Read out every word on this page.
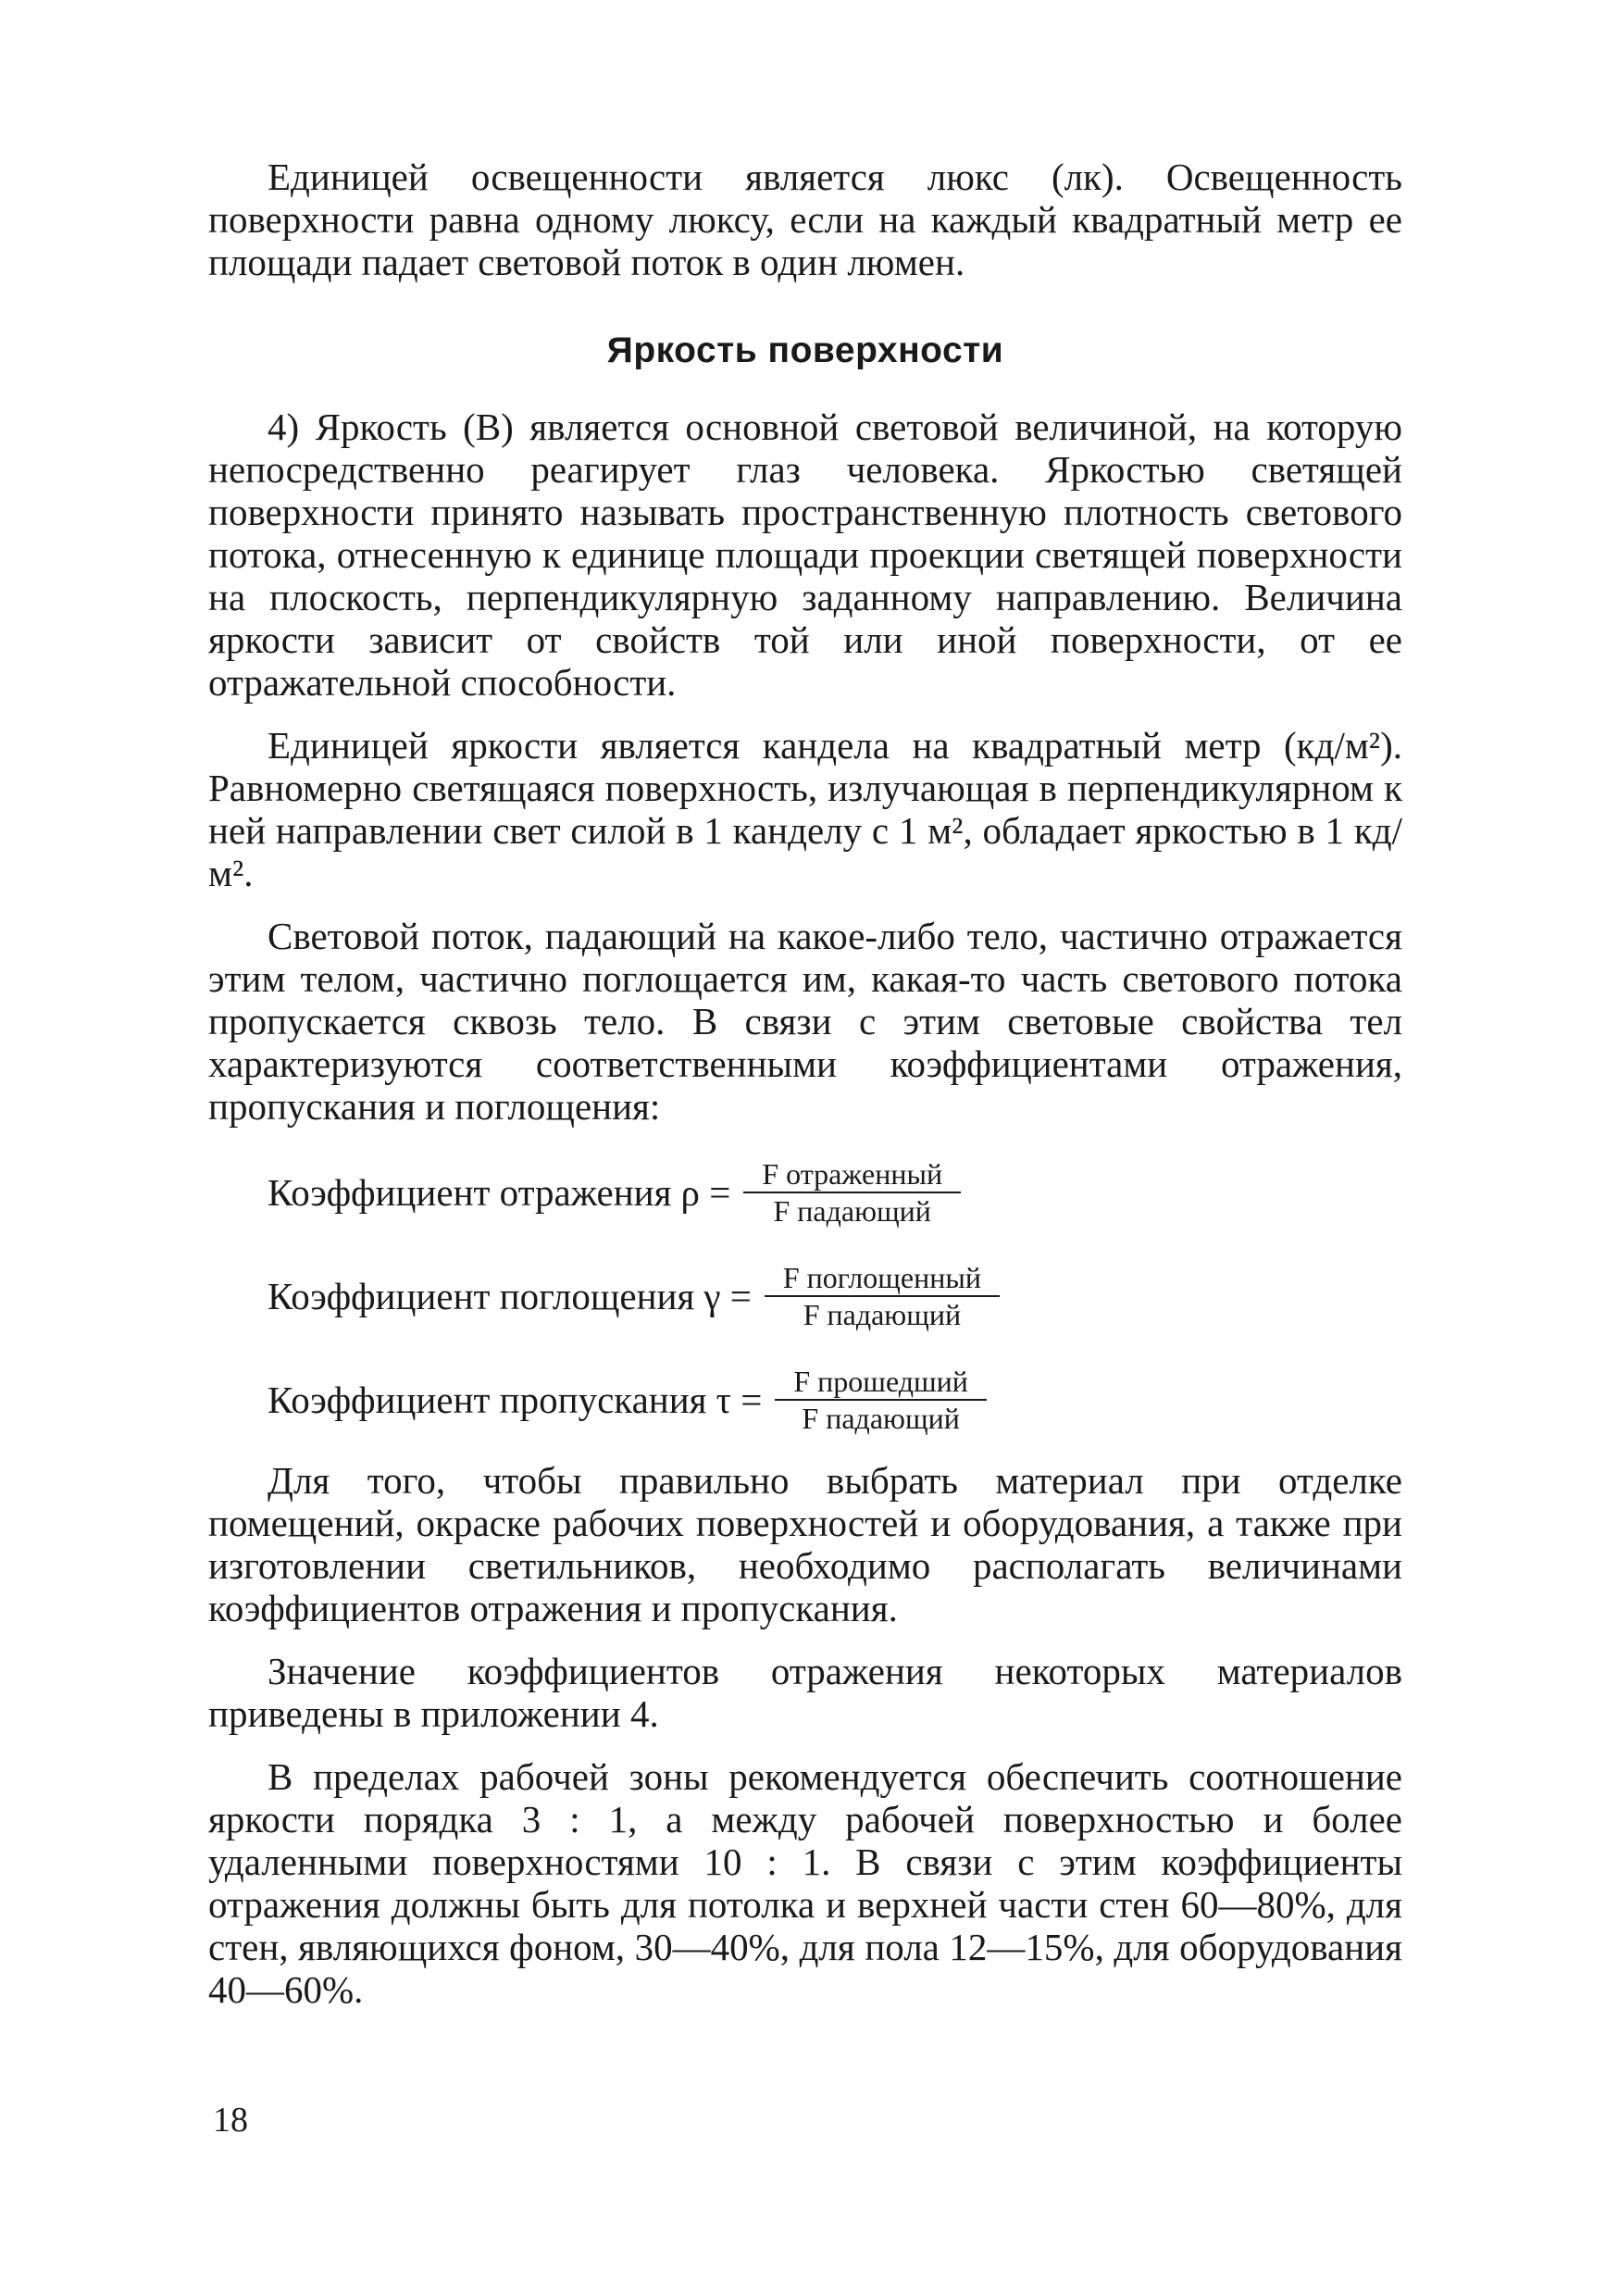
Единицей освещенности является люкс (лк). Освещенность поверхности равна одному люксу, если на каждый квадратный метр ее площади падает световой поток в один люмен.

Яркость поверхности

4) Яркость (В) является основной световой величиной, на которую непосредственно реагирует глаз человека. Яркостью светящей поверхности принято называть пространственную плотность светового потока, отнесенную к единице площади проекции светящей поверхности на плоскость, перпендикулярную заданному направлению. Величина яркости зависит от свойств той или иной поверхности, от ее отражательной способности.

Единицей яркости является кандела на квадратный метр (кд/м²). Равномерно светящаяся поверхность, излучающая в перпендикулярном к ней направлении свет силой в 1 канделу с 1 м², обладает яркостью в 1 кд/м².

Световой поток, падающий на какое-либо тело, частично отражается этим телом, частично поглощается им, какая-то часть светового потока пропускается сквозь тело. В связи с этим световые свойства тел характеризуются соответственными коэффициентами отражения, пропускания и поглощения:

Коэффициент отражения $\rho = \frac{\text{F отраженный}}{\text{F падающий}}$
Коэффициент поглощения $\gamma = \frac{\text{F поглощенный}}{\text{F падающий}}$
Коэффициент пропускания $\tau = \frac{\text{F прошедший}}{\text{F падающий}}$

Для того, чтобы правильно выбрать материал при отделке помещений, окраске рабочих поверхностей и оборудования, а также при изготовлении светильников, необходимо располагать величинами коэффициентов отражения и пропускания.

Значение коэффициентов отражения некоторых материалов приведены в приложении 4.

В пределах рабочей зоны рекомендуется обеспечить соотношение яркости порядка 3 : 1, а между рабочей поверхностью и более удаленными поверхностями 10 : 1. В связи с этим коэффициенты отражения должны быть для потолка и верхней части стен 60—80%, для стен, являющихся фоном, 30—40%, для пола 12—15%, для оборудования 40—60%.

18
